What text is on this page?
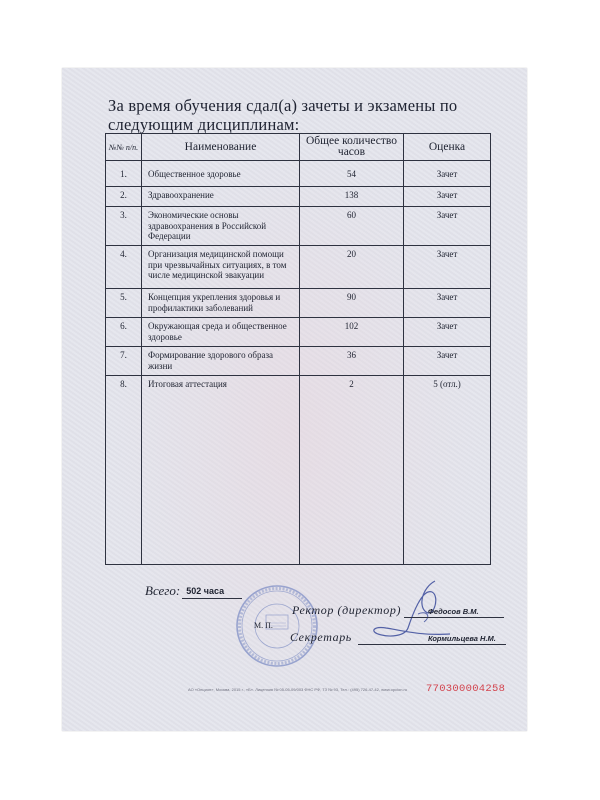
За время обучения сдал(а) зачеты и экзамены по следующим дисциплинам:
№№ п/п.	Наименование	Общее количество часов	Оценка
1.	Общественное здоровье	54	Зачет
2.	Здравоохранение	138	Зачет
3.	Экономические основы здравоохранения в Российской Федерации	60	Зачет
4.	Организация медицинской помощи при чрезвычайных ситуациях, в том числе медицинской эвакуации	20	Зачет
5.	Концепция укрепления здоровья и профилактики заболеваний	90	Зачет
6.	Окружающая среда и общественное здоровье	102	Зачет
7.	Формирование здорового образа жизни	36	Зачет
8.	Итоговая аттестация	2	5 (отл.)
Всего: 502 часа
М. П.
Ректор (директор)	Федосов В.М.
Секретарь	Кормильцева Н.М.
АО «Опцион», Москва, 2015 г., «Б». Лицензия № 05-05-09/003 ФНС РФ, ТЗ № 93, Тел.: (495) 726-47-42, www.opcion.ru	770300004258
